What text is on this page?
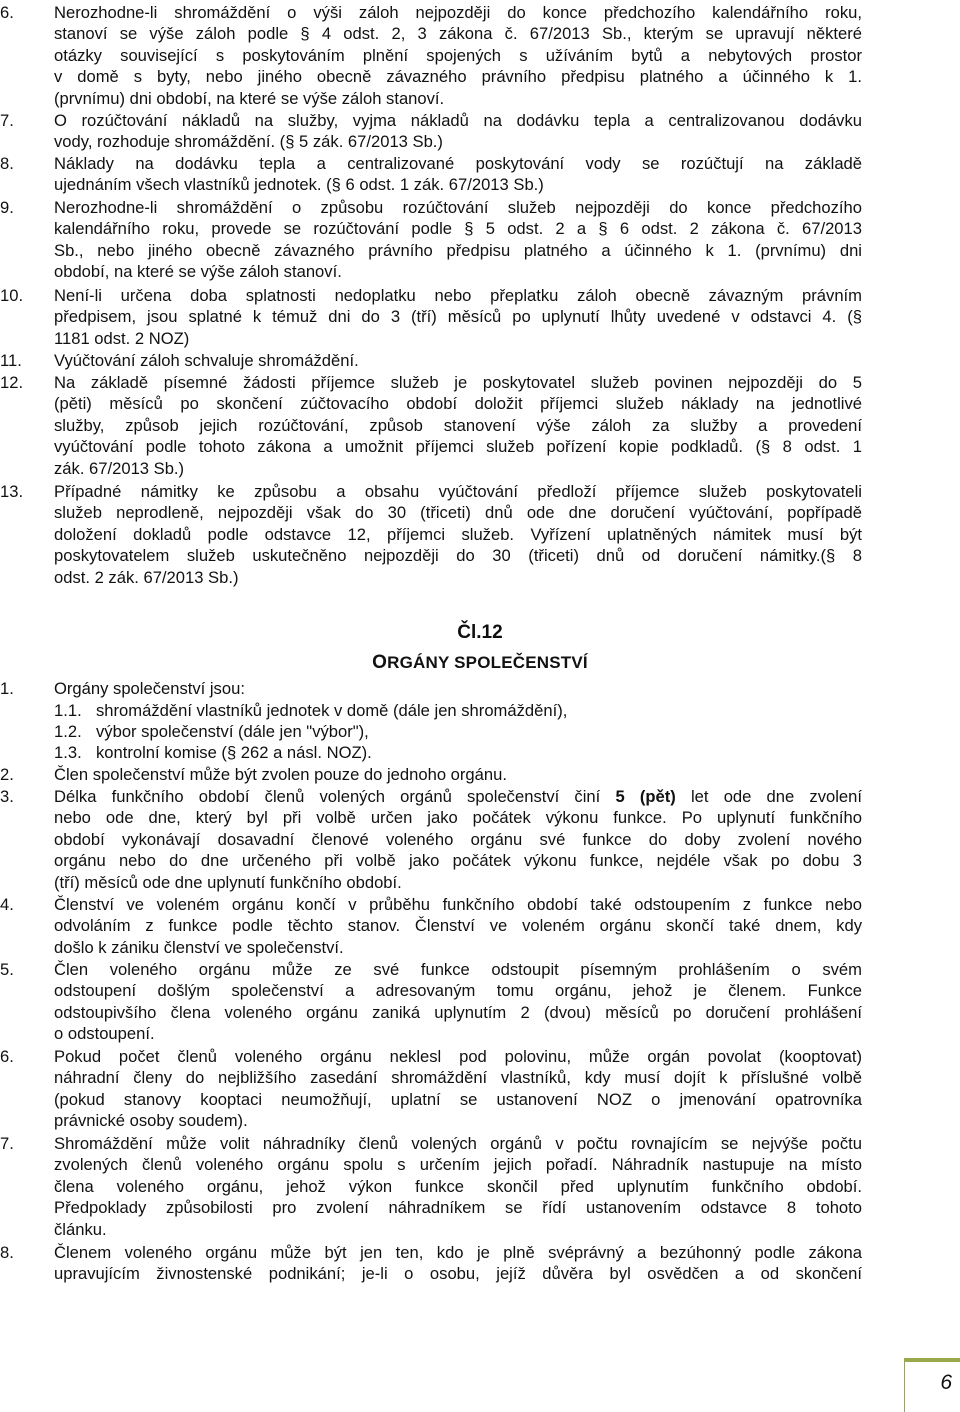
6. Nerozhodne-li shromáždění o výši záloh nejpozději do konce předchozího kalendářního roku,
stanoví se výše záloh podle § 4 odst. 2, 3 zákona č. 67/2013 Sb., kterým se upravují některé
otázky související s poskytováním plnění spojených s užíváním bytů a nebytových prostor
v domě s byty, nebo jiného obecně závazného právního předpisu platného a účinného k 1.
(prvnímu) dni období, na které se výše záloh stanoví.
7. O rozúčtování nákladů na služby, vyjma nákladů na dodávku tepla a centralizovanou dodávku
vody, rozhoduje shromáždění. (§ 5 zák. 67/2013 Sb.)
8. Náklady na dodávku tepla a centralizované poskytování vody se rozúčtují na základě
ujednáním všech vlastníků jednotek. (§ 6 odst. 1 zák. 67/2013 Sb.)
9. Nerozhodne-li shromáždění o způsobu rozúčtování služeb nejpozději do konce předchozího
kalendářního roku, provede se rozúčtování podle § 5 odst. 2 a § 6 odst. 2 zákona č. 67/2013
Sb., nebo jiného obecně závazného právního předpisu platného a účinného k 1. (prvnímu) dni
období, na které se výše záloh stanoví.
10. Není-li určena doba splatnosti nedoplatku nebo přeplatku záloh obecně závazným právním
předpisem, jsou splatné k témuž dni do 3 (tří) měsíců po uplynutí lhůty uvedené v odstavci 4. (§
1181 odst. 2 NOZ)
11. Vyúčtování záloh schvaluje shromáždění.
12. Na základě písemné žádosti příjemce služeb je poskytovatel služeb povinen nejpozději do 5
(pěti) měsíců po skončení zúčtovacího období doložit příjemci služeb náklady na jednotlivé
služby, způsob jejich rozúčtování, způsob stanovení výše záloh za služby a provedení
vyúčtování podle tohoto zákona a umožnit příjemci služeb pořízení kopie podkladů. (§ 8 odst. 1
zák. 67/2013 Sb.)
13. Případné námitky ke způsobu a obsahu vyúčtování předloží příjemce služeb poskytovateli
služeb neprodleně, nejpozději však do 30 (třiceti) dnů ode dne doručení vyúčtování, popřípadě
doložení dokladů podle odstavce 12, příjemci služeb. Vyřízení uplatněných námitek musí být
poskytovatelem služeb uskutečněno nejpozději do 30 (třiceti) dnů od doručení námitky.(§ 8
odst. 2 zák. 67/2013 Sb.)
Čl.12
ORGÁNY SPOLEČENSTVÍ
1. Orgány společenství jsou:
1.1. shromáždění vlastníků jednotek v domě (dále jen shromáždění),
1.2. výbor společenství (dále jen "výbor"),
1.3. kontrolní komise (§ 262 a násl. NOZ).
2. Člen společenství může být zvolen pouze do jednoho orgánu.
3. Délka funkčního období členů volených orgánů společenství činí 5 (pět) let ode dne zvolení
nebo ode dne, který byl při volbě určen jako počátek výkonu funkce. Po uplynutí funkčního
období vykonávají dosavadní členové voleného orgánu své funkce do doby zvolení nového
orgánu nebo do dne určeného při volbě jako počátek výkonu funkce, nejdéle však po dobu 3
(tří) měsíců ode dne uplynutí funkčního období.
4. Členství ve voleném orgánu končí v průběhu funkčního období také odstoupením z funkce nebo
odvoláním z funkce podle těchto stanov. Členství ve voleném orgánu skončí také dnem, kdy
došlo k zániku členství ve společenství.
5. Člen voleného orgánu může ze své funkce odstoupit písemným prohlášením o svém
odstoupení došlým společenství a adresovaným tomu orgánu, jehož je členem. Funkce
odstoupivšího člena voleného orgánu zaniká uplynutím 2 (dvou) měsíců po doručení prohlášení
o odstoupení.
6. Pokud počet členů voleného orgánu neklesl pod polovinu, může orgán povolat (kooptovat)
náhradní členy do nejbližšího zasedání shromáždění vlastníků, kdy musí dojít k příslušné volbě
(pokud stanovy kooptaci neumožňují, uplatní se ustanovení NOZ o jmenování opatrovníka
právnické osoby soudem).
7. Shromáždění může volit náhradníky členů volených orgánů v počtu rovnajícím se nejvýše počtu
zvolených členů voleného orgánu spolu s určením jejich pořadí. Náhradník nastupuje na místo
člena voleného orgánu, jehož výkon funkce skončil před uplynutím funkčního období.
Předpoklady způsobilosti pro zvolení náhradníkem se řídí ustanovením odstavce 8 tohoto
článku.
8. Členem voleného orgánu může být jen ten, kdo je plně svéprávný a bezúhonný podle zákona
upravujícím živnostenské podnikání; je-li o osobu, jejíž důvěra byl osvědčen a od skončení
6
